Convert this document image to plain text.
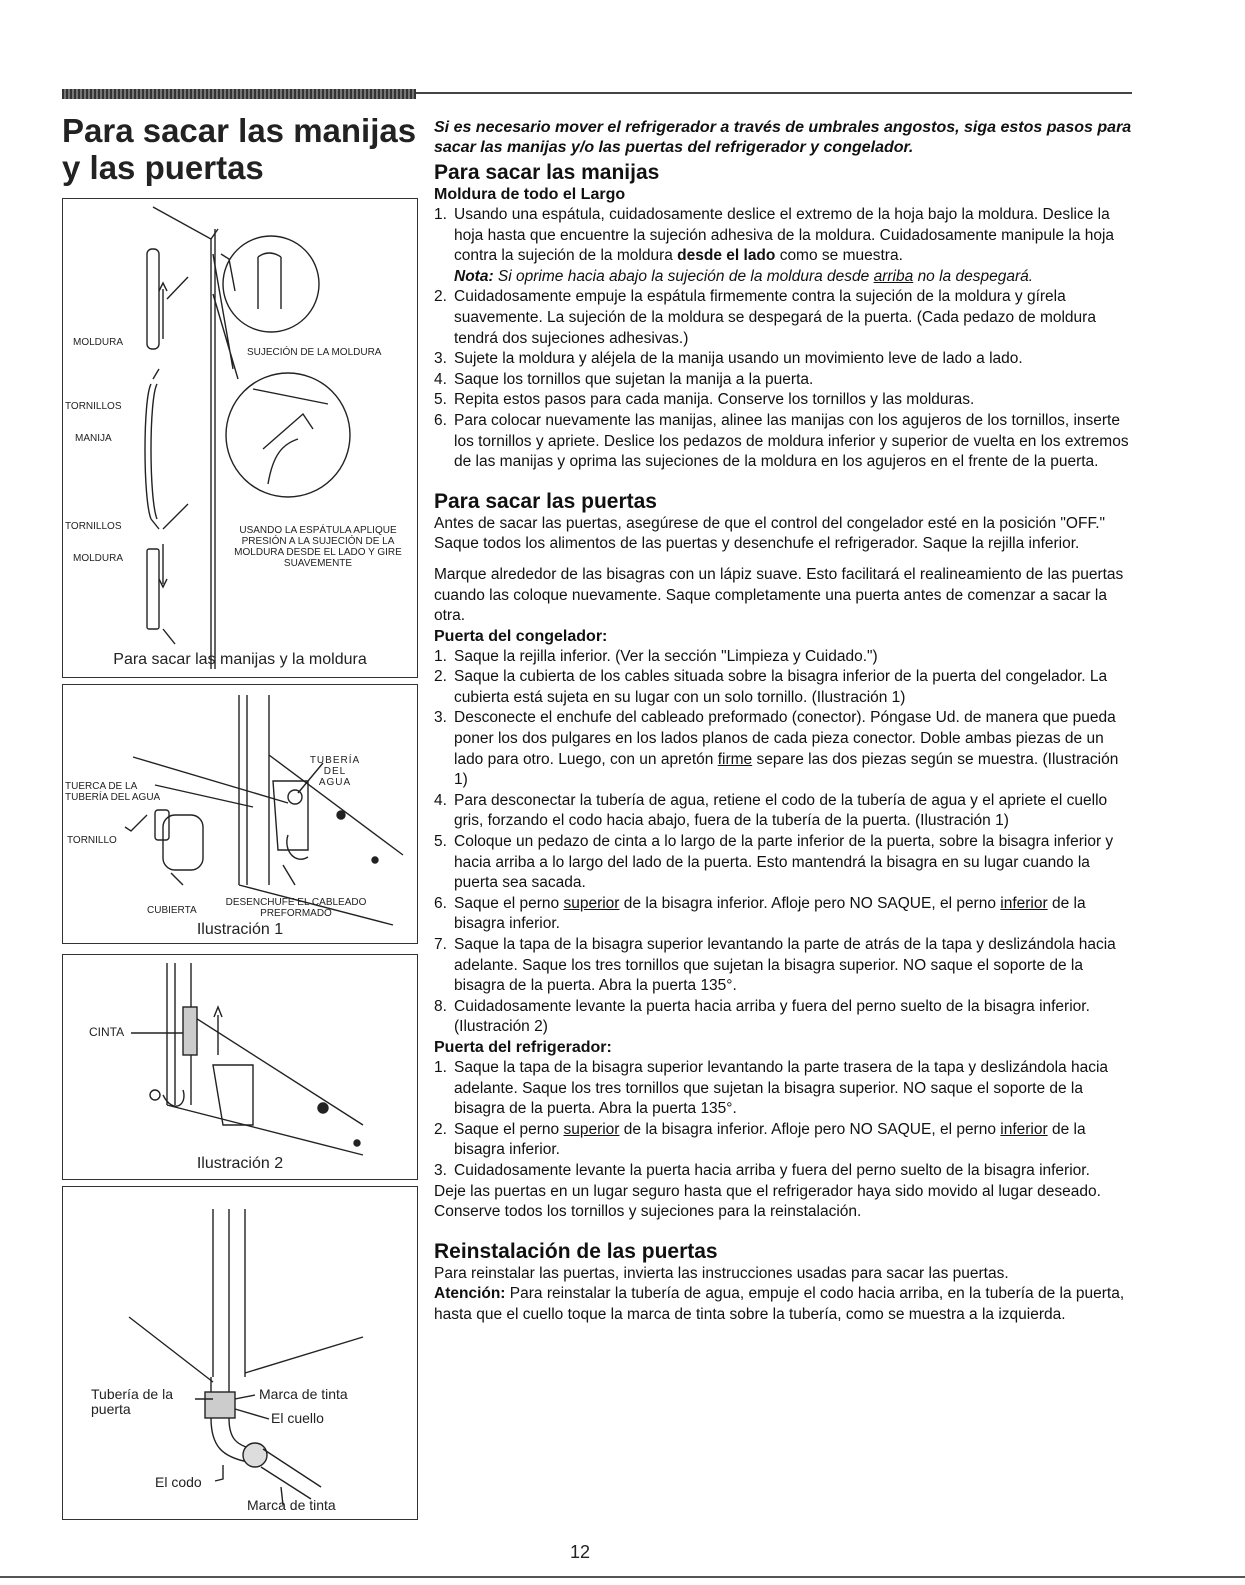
Para sacar las manijas y las puertas
MOLDURA
TORNILLOS
MANIJA
TORNILLOS
MOLDURA
SUJECIÓN DE LA MOLDURA
USANDO LA ESPÁTULA APLIQUE PRESIÓN A LA SUJECIÓN DE LA MOLDURA DESDE EL LADO Y GIRE SUAVEMENTE
Para sacar las manijas y la moldura
TUBERÍA DEL AGUA
TUERCA DE LA TUBERÍA DEL AGUA
TORNILLO
CUBIERTA
DESENCHUFE EL CABLEADO PREFORMADO
Ilustración 1
CINTA
Ilustración 2
Tubería de la puerta
Marca de tinta
El cuello
El codo
Marca de tinta

Si es necesario mover el refrigerador a través de umbrales angostos, siga estos pasos para sacar las manijas y/o las puertas del refrigerador y congelador.

Para sacar las manijas
Moldura de todo el Largo
1. Usando una espátula, cuidadosamente deslice el extremo de la hoja bajo la moldura. Deslice la hoja hasta que encuentre la sujeción adhesiva de la moldura. Cuidadosamente manipule la hoja contra la sujeción de la moldura desde el lado como se muestra.
Nota: Si oprime hacia abajo la sujeción de la moldura desde arriba no la despegará.
2. Cuidadosamente empuje la espátula firmemente contra la sujeción de la moldura y gírela suavemente. La sujeción de la moldura se despegará de la puerta. (Cada pedazo de moldura tendrá dos sujeciones adhesivas.)
3. Sujete la moldura y aléjela de la manija usando un movimiento leve de lado a lado.
4. Saque los tornillos que sujetan la manija a la puerta.
5. Repita estos pasos para cada manija. Conserve los tornillos y las molduras.
6. Para colocar nuevamente las manijas, alinee las manijas con los agujeros de los tornillos, inserte los tornillos y apriete. Deslice los pedazos de moldura inferior y superior de vuelta en los extremos de las manijas y oprima las sujeciones de la moldura en los agujeros en el frente de la puerta.
Para sacar las puertas

Antes de sacar las puertas, asegúrese de que el control del congelador esté en la posición "OFF." Saque todos los alimentos de las puertas y desenchufe el refrigerador. Saque la rejilla inferior.

Marque alrededor de las bisagras con un lápiz suave. Esto facilitará el realineamiento de las puertas cuando las coloque nuevamente. Saque completamente una puerta antes de comenzar a sacar la otra.

Puerta del congelador:
1. Saque la rejilla inferior. (Ver la sección "Limpieza y Cuidado.")
2. Saque la cubierta de los cables situada sobre la bisagra inferior de la puerta del congelador. La cubierta está sujeta en su lugar con un solo tornillo. (Ilustración 1)
3. Desconecte el enchufe del cableado preformado (conector). Póngase Ud. de manera que pueda poner los dos pulgares en los lados planos de cada pieza conector. Doble ambas piezas de un lado para otro. Luego, con un apretón firme separe las dos piezas según se muestra. (Ilustración 1)
4. Para desconectar la tubería de agua, retiene el codo de la tubería de agua y el apriete el cuello gris, forzando el codo hacia abajo, fuera de la tubería de la puerta. (Ilustración 1)
5. Coloque un pedazo de cinta a lo largo de la parte inferior de la puerta, sobre la bisagra inferior y hacia arriba a lo largo del lado de la puerta. Esto mantendrá la bisagra en su lugar cuando la puerta sea sacada.
6. Saque el perno superior de la bisagra inferior. Afloje pero NO SAQUE, el perno inferior de la bisagra inferior.
7. Saque la tapa de la bisagra superior levantando la parte de atrás de la tapa y deslizándola hacia adelante. Saque los tres tornillos que sujetan la bisagra superior. NO saque el soporte de la bisagra de la puerta. Abra la puerta 135°.
8. Cuidadosamente levante la puerta hacia arriba y fuera del perno suelto de la bisagra inferior. (Ilustración 2)
Puerta del refrigerador:
1. Saque la tapa de la bisagra superior levantando la parte trasera de la tapa y deslizándola hacia adelante. Saque los tres tornillos que sujetan la bisagra superior. NO saque el soporte de la bisagra de la puerta. Abra la puerta 135°.
2. Saque el perno superior de la bisagra inferior. Afloje pero NO SAQUE, el perno inferior de la bisagra inferior.
3. Cuidadosamente levante la puerta hacia arriba y fuera del perno suelto de la bisagra inferior.

Deje las puertas en un lugar seguro hasta que el refrigerador haya sido movido al lugar deseado. Conserve todos los tornillos y sujeciones para la reinstalación.

Reinstalación de las puertas

Para reinstalar las puertas, invierta las instrucciones usadas para sacar las puertas.

Atención: Para reinstalar la tubería de agua, empuje el codo hacia arriba, en la tubería de la puerta, hasta que el cuello toque la marca de tinta sobre la tubería, como se muestra a la izquierda.

12
